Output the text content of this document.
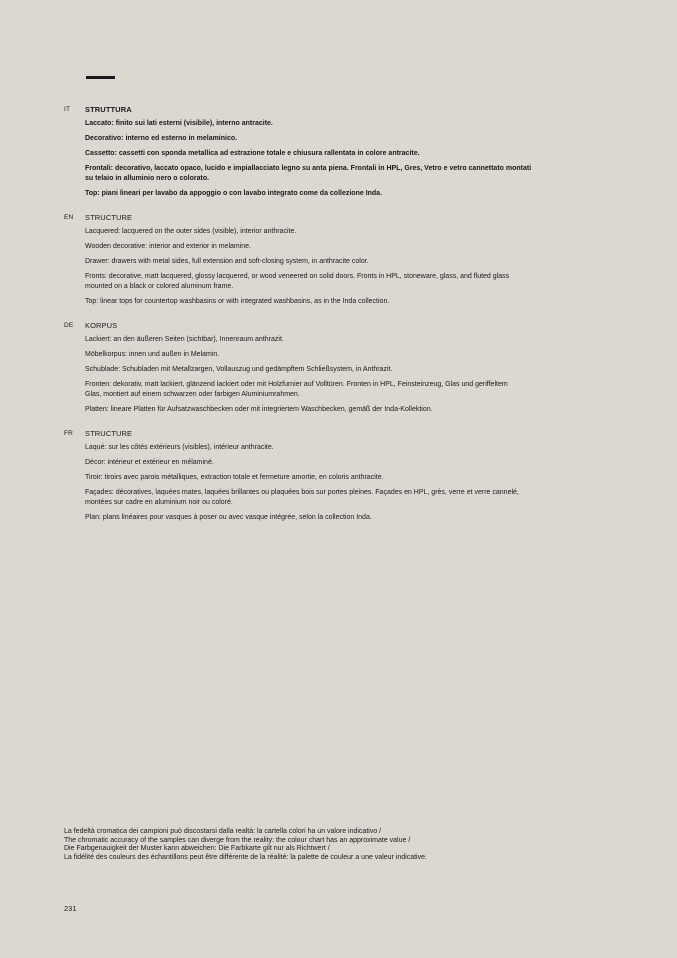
IT STRUTTURA
Laccato: finito sui lati esterni (visibile), interno antracite.
Decorativo: interno ed esterno in melaminico.
Cassetto: cassetti con sponda metallica ad estrazione totale e chiusura rallentata in colore antracite.
Frontali: decorativo, laccato opaco, lucido e impiallacciato legno su anta piena. Frontali in HPL, Gres, Vetro e vetro cannettato montati
su telaio in alluminio nero o colorato.
Top: piani lineari per lavabo da appoggio o con lavabo integrato come da collezione Inda.
EN STRUCTURE
Lacquered: lacquered on the outer sides (visible), interior anthracite.
Wooden decorative: interior and exterior in melamine.
Drawer: drawers with metal sides, full extension and soft-closing system, in anthracite color.
Fronts: decorative, matt lacquered, glossy lacquered, or wood veneered on solid doors. Fronts in HPL, stoneware, glass, and fluted glass
mounted on a black or colored aluminum frame.
Top: linear tops for countertop washbasins or with integrated washbasins, as in the Inda collection.
DE KORPUS
Lackiert: an den äußeren Seiten (sichtbar), Innenraum anthrazit.
Möbelkorpus: innen und außen in Melamin.
Schublade: Schubladen mit Metallzargen, Vollauszug und gedämpftem Schließsystem, in Anthrazit.
Fronten: dekorativ, matt lackiert, glänzend lackiert oder mit Holzfurnier auf Volltüren. Fronten in HPL, Feinsteinzeug, Glas und geriffeltem
Glas, montiert auf einem schwarzen oder farbigen Aluminiumrahmen.
Platten: lineare Platten für Aufsatzwaschbecken oder mit integriertem Waschbecken, gemäß der Inda-Kollektion.
FR STRUCTURE
Laqué: sur les côtés extérieurs (visibles), intérieur anthracite.
Décor: intérieur et extérieur en mélaminé.
Tiroir: tiroirs avec parois métalliques, extraction totale et fermeture amortie, en coloris anthracite.
Façades: décoratives, laquées mates, laquées brillantes ou plaquées bois sur portes pleines. Façades en HPL, grès, verre et verre cannelé,
montées sur cadre en aluminium noir ou coloré.
Plan: plans linéaires pour vasques à poser ou avec vasque intégrée, selon la collection Inda.
La fedeltà cromatica dei campioni può discostarsi dalla realtà: la cartella colori ha un valore indicativo /
The chromatic accuracy of the samples can diverge from the reality: the colour chart has an approximate value /
Die Farbgenauigkeit der Muster kann abweichen: Die Farbkarte gilt nur als Richtwert /
La fidélité des couleurs des échantillons peut être différente de la réalité: la palette de couleur a une valeur indicative.
231
